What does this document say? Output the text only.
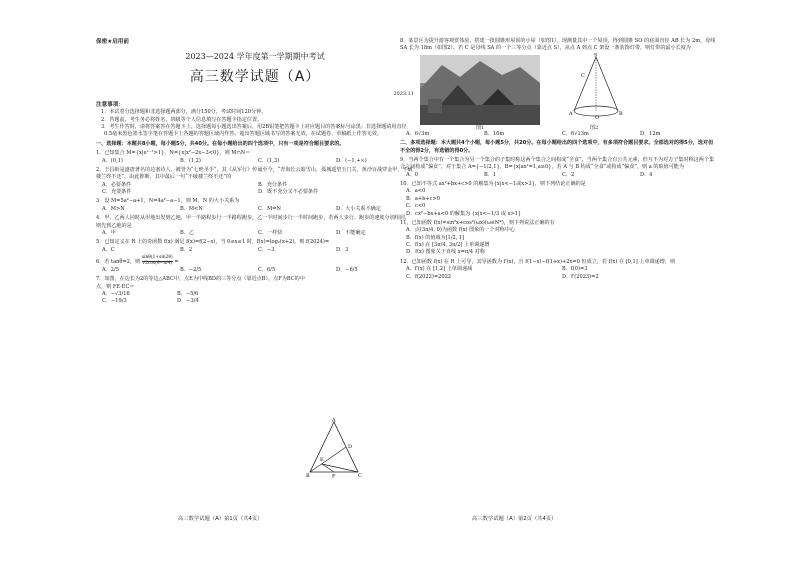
保密★启用前
2023—2024 学年度第一学期期中考试
高三数学试题（A）
2023.11
注意事项：
1．本试卷分选择题和非选择题两部分，满分150分，考试时间120分钟。
2．答题前，考生务必将姓名、班级等个人信息填写在答题卡指定位置。
3．考生作答时，请将答案答在答题卡上，选择题每小题选出答案后，用2B铅笔把答题卡上对应题目的答案标号涂黑；非选择题请用直径0.5毫米黑色墨水签字笔在答题卡上各题的答题区域内作答。超出答题区域书写的答案无效，在试题卷、草稿纸上作答无效。
一、选择题：本题共8小题，每小题5分，共40分。在每小题给出的四个选项中，只有一项是符合题目要求的。
1．已知集合 M={x|eˣ⁻¹>1}，N={x|x²−2x−3<0}，则 M∩N＝
A．(0,1)	B．(1,2)	C．(1,3)	D．(−1,+∞)
2．王昌龄是盛唐著名的边塞诗人，被誉为“七绝圣手”，其《从军行》传诵至今，“青海长云暗雪山，孤城遥望玉门关。黄沙百战穿金甲，不破楼兰终不还”，由此推断，其中最后一句“不破楼兰终不还”的
A．必要条件	B．充分条件
C．充要条件	D．既不充分又不必要条件
3．设 M=5a²−a+1，N=4a²−a−1，则 M，N 的大小关系为
A．M>N	B．M<N	C．M=N	D．大小关系不确定
4．甲、乙两人同时从甲地出发到乙地，甲一半路程步行一半路程跑步，乙一半时间步行一半时间跑步，若两人步行、跑步的速度分别相同，则先到乙地的是
A．甲	B．乙	C．一样快	D．不能确定
5．已知定义在 R 上的奇函数 f(x) 满足 f(x)=f(2−x)，当 0≤x≤1 时，f(x)=log₂(x+2)，则 f(2024)=
A．C	B．2	C．−3	D．3
6．若 tanθ=2，则 $\frac{\sin\theta(1+\sin 2\theta)}{√2\cos(\theta-\pi/4)}$ =
A．2/5	B．−2/5	C．6/5	D．−6/5
7．如图，在边长为2的等边△ABC中，点E为中线BD的三等分点（靠近点B），点F为BC的中点，则 FE·EC＝
A．−√3/16	B．−5/6
C．−19/3	D．−3/4
A
D
E
B	F	C
高三数学试题（A）第1页（共4页）
8．某景区为提升游客观赏体验，搭建一批圆锥形屋顶的小屋（如图1）。现测量其中一个屋顶，得到圆锥 SO 的底面直径 AB 长为 2m，母线 SA 长为 18m（如图2）。若 C 是母线 SA 的一个三等分点（靠近点 S），从点 A 到点 C 架设一条装饰灯带，则灯带的最小长度为
S
C
A
O
B
图1	图2
A．6√3m	B．16m	C．6√13m	D．12m
二、多项选择题：本大题共4个小题，每小题5分，共20分。在每小题给出的四个选项中，有多项符合题目要求。全部选对的得5分，选对但不全的得2分，有选错的得0分。
9．当两个集合中有一个集合为另一个集合的子集时称这两个集合之间构成“全食”，当两个集合有公共元素，但互不为对方子集时称这两个集合之间构成“偏食”，对于集合 A={−1/2,1}，B={x|ax²=1,a≥0}，若 A 与 B 构成“全食”或构成“偏食”，则 a 的取值可能为
A．0	B．1	C．2	D．4
10．已知不等式 ax²+bx+c>0 的解集为{x|x<−1或x>3}，则下列结论正确的是
A．a<0
B．a+b+c>0
C．c<0
D．cx²−bx+a<0 的解集为 {x|x<−1/3 或 x>1}
11．已知函数 f(x)=sin²x+cos²(ωx)(ω∈N*)，则下列说法正确的有
A．点(3π/4, 0)为函数 f(x) 图象的一个对称中心
B．f(x) 的值域为[1/2, 1]
C．f(x) 在 [3π/4, 3π/2] 上单调递增
D．f(x) 图象关于直线 x=π/4 对称
12．已知函数 f(x) 在 R 上可导，其导函数为 f′(x)，且 f(1−x)−f(1+x)+2x=0 恒成立，若 f(x) 在 [0,1] 上单调递增，则
A．f′(x) 在 [1,2] 上单调递减	B．f(0)=3
C．f(2022)=2022	D．f′(2023)=2
高三数学试题（A）第2页（共4页）
